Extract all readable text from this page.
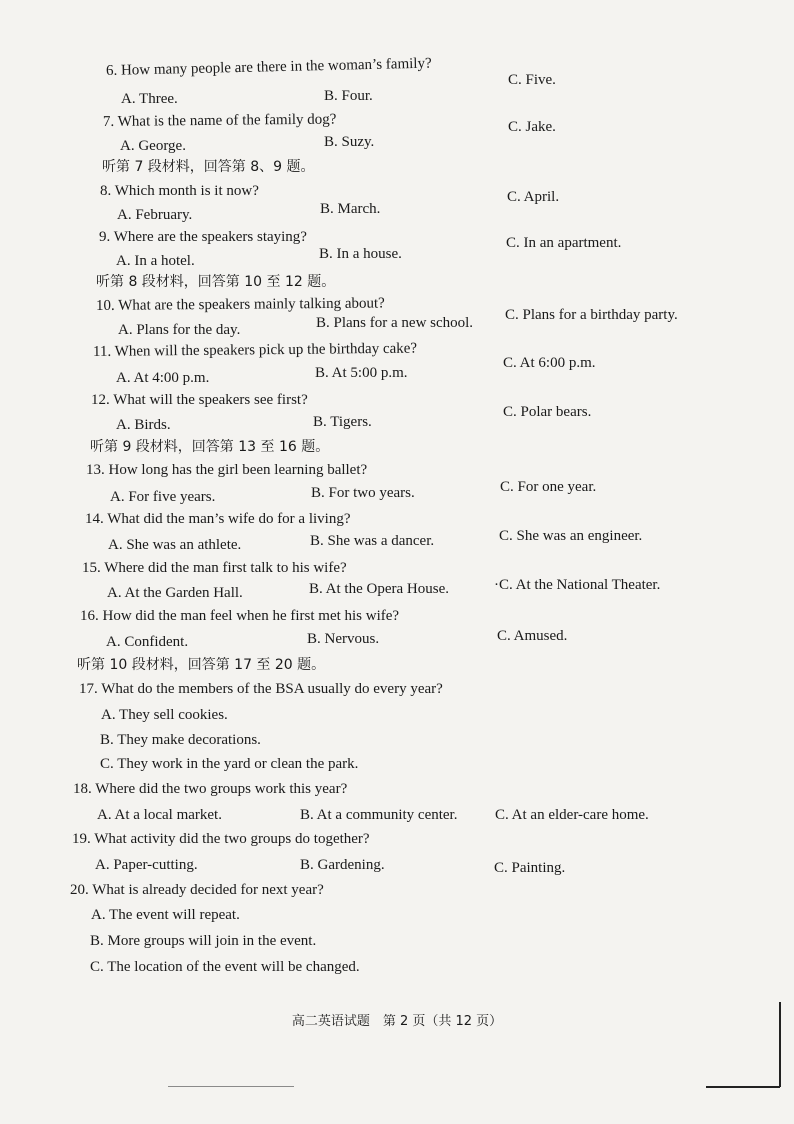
6. How many people are there in the woman’s family?
A. Three.	B. Four.
C. Five.
7. What is the name of the family dog?
A. George.	B. Suzy.
C. Jake.
听第 7 段材料，回答第 8、9 题。
8. Which month is it now?
A. February.	B. March.
C. April.
9. Where are the speakers staying?
A. In a hotel.	B. In a house.
C. In an apartment.
听第 8 段材料，回答第 10 至 12 题。
10. What are the speakers mainly talking about?
A. Plans for the day.	B. Plans for a new school. C. Plans for a birthday party.
11. When will the speakers pick up the birthday cake?
A. At 4:00 p.m.	B. At 5:00 p.m.
C. At 6:00 p.m.
12. What will the speakers see first?
A. Birds.	B. Tigers.
C. Polar bears.
听第 9 段材料，回答第 13 至 16 题。
13. How long has the girl been learning ballet?
A. For five years.	B. For two years.	C. For one year.
14. What did the man’s wife do for a living?
A. She was an athlete.	B. She was a dancer.	C. She was an engineer.
15. Where did the man first talk to his wife?
A. At the Garden Hall.	B. At the Opera House.	·C. At the National Theater.
16. How did the man feel when he first met his wife?
A. Confident.	B. Nervous.	C. Amused.
听第 10 段材料，回答第 17 至 20 题。
17. What do the members of the BSA usually do every year?
A. They sell cookies.
B. They make decorations.
C. They work in the yard or clean the park.
18. Where did the two groups work this year?
A. At a local market.	B. At a community center.	C. At an elder-care home.
19. What activity did the two groups do together?
A. Paper-cutting.	B. Gardening.	C. Painting.
20. What is already decided for next year?
A. The event will repeat.
B. More groups will join in the event.
C. The location of the event will be changed.
高二英语试题　第 2 页（共 12 页）
